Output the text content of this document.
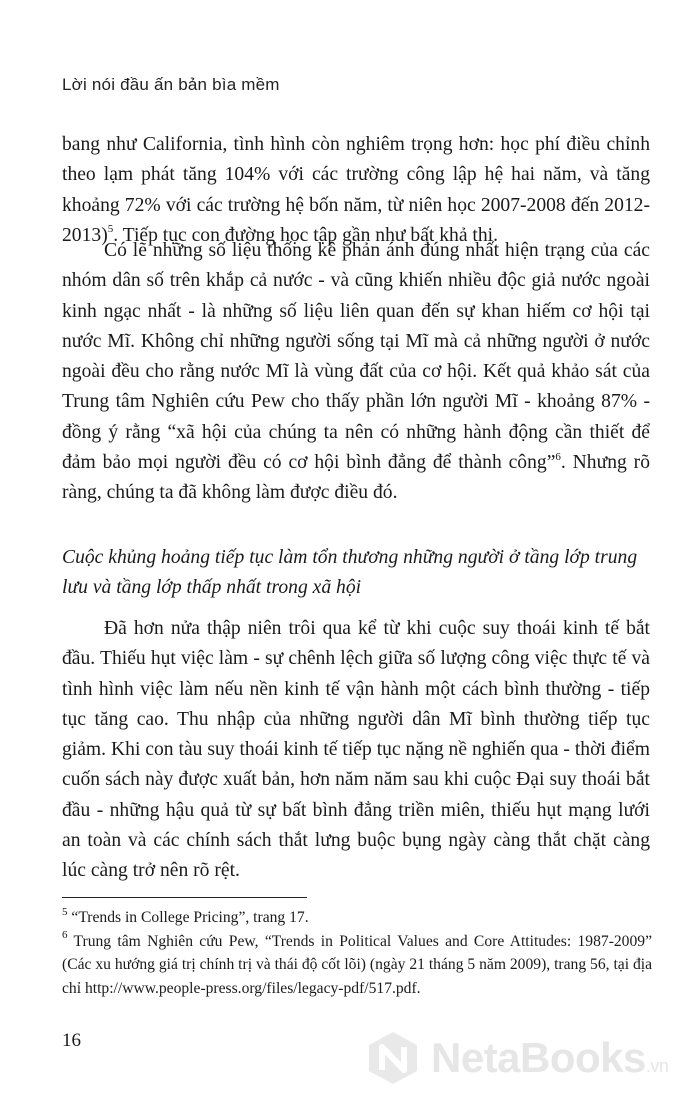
Lời nói đầu ấn bản bìa mềm

bang như California, tình hình còn nghiêm trọng hơn: học phí điều chỉnh theo lạm phát tăng 104% với các trường công lập hệ hai năm, và tăng khoảng 72% với các trường hệ bốn năm, từ niên học 2007-2008 đến 2012-2013)$^5$. Tiếp tục con đường học tập gần như bất khả thi.

Có lẽ những số liệu thống kê phản ánh đúng nhất hiện trạng của các nhóm dân số trên khắp cả nước - và cũng khiến nhiều độc giả nước ngoài kinh ngạc nhất - là những số liệu liên quan đến sự khan hiếm cơ hội tại nước Mĩ. Không chỉ những người sống tại Mĩ mà cả những người ở nước ngoài đều cho rằng nước Mĩ là vùng đất của cơ hội. Kết quả khảo sát của Trung tâm Nghiên cứu Pew cho thấy phần lớn người Mĩ - khoảng 87% - đồng ý rằng “xã hội của chúng ta nên có những hành động cần thiết để đảm bảo mọi người đều có cơ hội bình đẳng để thành công”$^6$. Nhưng rõ ràng, chúng ta đã không làm được điều đó.

Cuộc khủng hoảng tiếp tục làm tổn thương những người ở tầng lớp trung lưu và tầng lớp thấp nhất trong xã hội

Đã hơn nửa thập niên trôi qua kể từ khi cuộc suy thoái kinh tế bắt đầu. Thiếu hụt việc làm - sự chênh lệch giữa số lượng công việc thực tế và tình hình việc làm nếu nền kinh tế vận hành một cách bình thường - tiếp tục tăng cao. Thu nhập của những người dân Mĩ bình thường tiếp tục giảm. Khi con tàu suy thoái kinh tế tiếp tục nặng nề nghiến qua - thời điểm cuốn sách này được xuất bản, hơn năm năm sau khi cuộc Đại suy thoái bắt đầu - những hậu quả từ sự bất bình đẳng triền miên, thiếu hụt mạng lưới an toàn và các chính sách thắt lưng buộc bụng ngày càng thắt chặt càng lúc càng trở nên rõ rệt.

$^5$ “Trends in College Pricing”, trang 17.

$^6$ Trung tâm Nghiên cứu Pew, “Trends in Political Values and Core Attitudes: 1987-2009” (Các xu hướng giá trị chính trị và thái độ cốt lõi) (ngày 21 tháng 5 năm 2009), trang 56, tại địa chỉ http://www.people-press.org/files/legacy-pdf/517.pdf.

16	NetaBooks.vn
